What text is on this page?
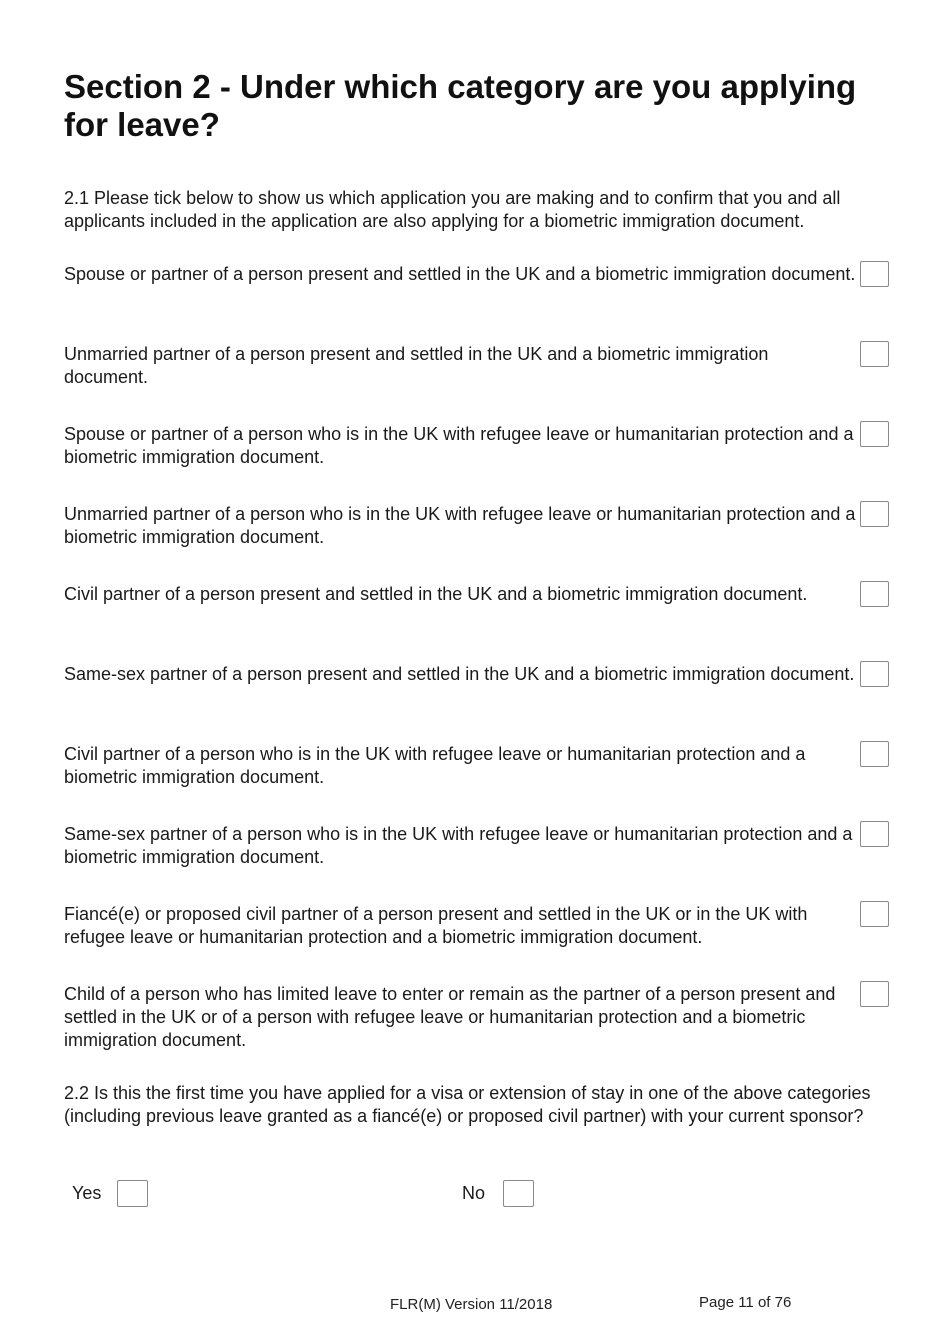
Section 2 - Under which category are you applying for leave?

2.1 Please tick below to show us which application you are making and to confirm that you and all applicants included in the application are also applying for a biometric immigration document.

Spouse or partner of a person present and settled in the UK and a biometric immigration document.

Unmarried partner of a person present and settled in the UK and a biometric immigration document.

Spouse or partner of a person who is in the UK with refugee leave or humanitarian protection and a biometric immigration document.

Unmarried partner of a person who is in the UK with refugee leave or humanitarian protection and a biometric immigration document.

Civil partner of a person present and settled in the UK and a biometric immigration document.

Same-sex partner of a person present and settled in the UK and a biometric immigration document.

Civil partner of a person who is in the UK with refugee leave or humanitarian protection and a biometric immigration document.

Same-sex partner of a person who is in the UK with refugee leave or humanitarian protection and a biometric immigration document.

Fiancé(e) or proposed civil partner of a person present and settled in the UK or in the UK with refugee leave or humanitarian protection and a biometric immigration document.

Child of a person who has limited leave to enter or remain as the partner of a person present and settled in the UK or of a person with refugee leave or humanitarian protection and a biometric immigration document.

2.2 Is this the first time you have applied for a visa or extension of stay in one of the above categories (including previous leave granted as a fiancé(e) or proposed civil partner) with your current sponsor?

Yes	No
FLR(M) Version 11/2018	Page 11 of 76
